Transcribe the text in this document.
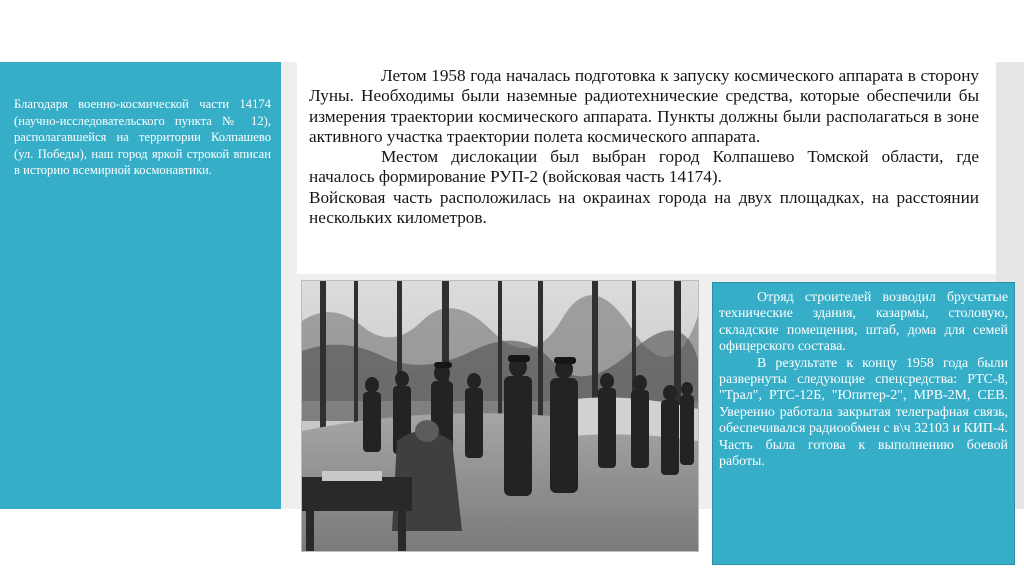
Благодаря военно-космической части 14174 (научно-исследовательского пункта № 12), располагавшейся на территории Колпашево (ул. Победы), наш город яркой строкой вписан в историю всемирной космонавтики.

Летом 1958 года началась подготовка к запуску космического аппарата в сторону Луны. Необходимы были наземные радиотехнические средства, которые обеспечили бы измерения траектории космического аппарата. Пункты должны были располагаться в зоне активного участка траектории полета космического аппарата.

Местом дислокации был выбран город Колпашево Томской области, где началось формирование РУП-2 (войсковая часть 14174).

Войсковая часть расположилась на окраинах города на двух площадках, на расстоянии нескольких километров.

Отряд строителей возводил брусчатые технические здания, казармы, столовую, складские помещения, штаб, дома для семей офицерского состава.

В результате к концу 1958 года были развернуты следующие спецсредства: РТС-8, "Трал", РТС-12Б, "Юпитер-2", МРВ-2М, СЕВ. Уверенно работала закрытая телеграфная связь, обеспечивался радиообмен с в\ч 32103 и КИП-4. Часть была готова к выполнению боевой работы.
